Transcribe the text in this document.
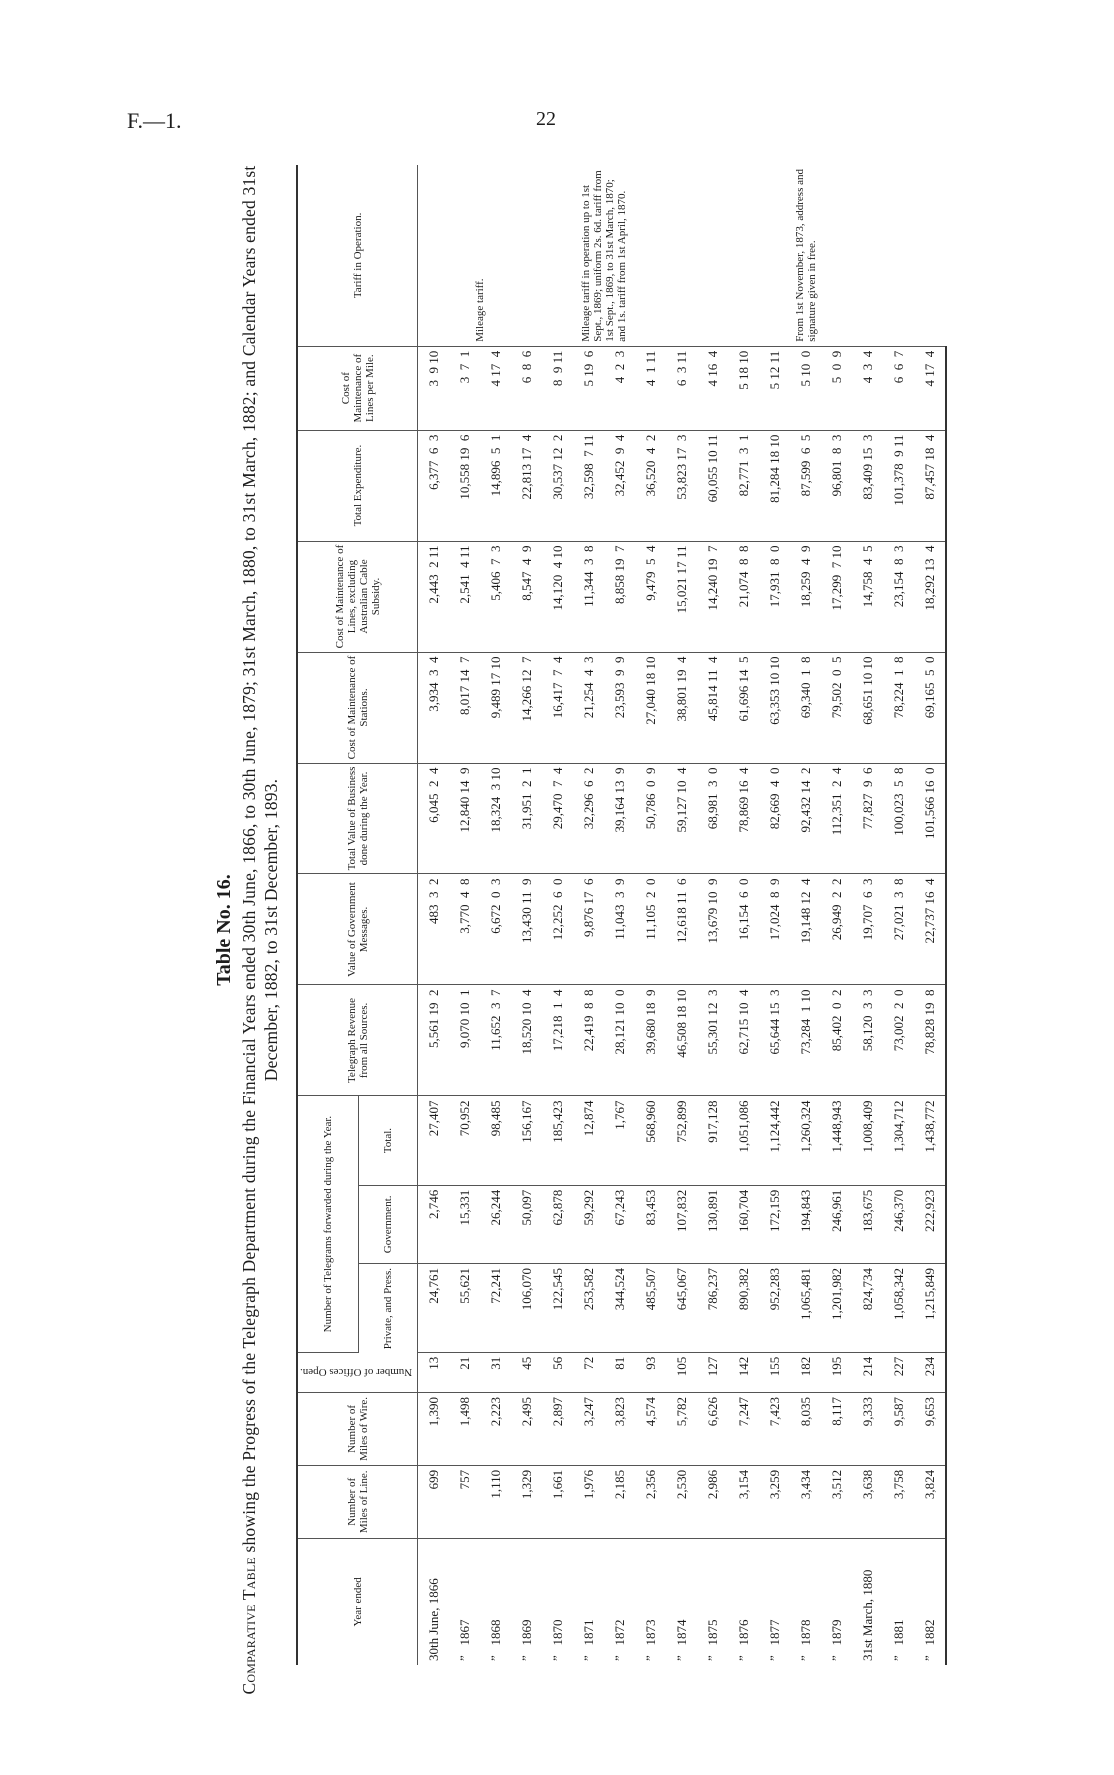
F.—1.	22
Table No. 16.
Comparative Table showing the Progress of the Telegraph Department during the Financial Years ended 30th June, 1866, to 30th June, 1879; 31st March, 1880, to 31st March, 1882; and Calendar Years ended 31st December, 1882, to 31st December, 1893.
Year ended	Number of Miles of Line.	Number of Miles of Wire.	Number of Offices Open.	Number of Telegrams forwarded during the Year.			Telegraph Revenue from all Sources.	Value of Government Messages.	Total Value of Business done during the Year.	Cost of Maintenance of Stations.	Cost of Maintenance of Lines, excluding Australian Cable Subsidy.	Total Expenditure.	Cost of Maintenance of Lines per Mile.	Tariff in Operation.
				Private, and Press.	Government.	Total.								
30th June, 1866	699	1,390	13	24,761	2,746	27,407	5,561 19  2	483  3  2	6,045  2  4	3,934  3  4	2,443  2 11	6,377  6  3	3  9 10	Mileage tariff.
”   1867	757	1,498	21	55,621	15,331	70,952	9,070 10  1	3,770  4  8	12,840 14  9	8,017 14  7	2,541  4 11	10,558 19  6	3  7  1	
”   1868	1,110	2,223	31	72,241	26,244	98,485	11,652  3  7	6,672  0  3	18,324  3 10	9,489 17 10	5,406  7  3	14,896  5  1	4 17  4	
”   1869	1,329	2,495	45	106,070	50,097	156,167	18,520 10  4	13,430 11  9	31,951  2  1	14,266 12  7	8,547  4  9	22,813 17  4	6  8  6	
”   1870	1,661	2,897	56	122,545	62,878	185,423	17,218  1  4	12,252  6  0	29,470  7  4	16,417  7  4	14,120  4 10	30,537 12  2	8  9 11	Mileage tariff in operation up to 1st Sept., 1869; uniform 2s. 6d. tariff from 1st Sept., 1869, to 31st March, 1870; and 1s. tariff from 1st April, 1870.
”   1871	1,976	3,247	72	253,582	59,292	12,874	22,419  8  8	9,876 17  6	32,296  6  2	21,254  4  3	11,344  3  8	32,598  7 11	5 19  6	
”   1872	2,185	3,823	81	344,524	67,243	1,767	28,121 10  0	11,043  3  9	39,164 13  9	23,593  9  9	8,858 19  7	32,452  9  4	4  2  3	
”   1873	2,356	4,574	93	485,507	83,453	568,960	39,680 18  9	11,105  2  0	50,786  0  9	27,040 18 10	9,479  5  4	36,520  4  2	4  1 11	
”   1874	2,530	5,782	105	645,067	107,832	752,899	46,508 18 10	12,618 11  6	59,127 10  4	38,801 19  4	15,021 17 11	53,823 17  3	6  3 11	From 1st November, 1873, address and signature given in free.
”   1875	2,986	6,626	127	786,237	130,891	917,128	55,301 12  3	13,679 10  9	68,981  3  0	45,814 11  4	14,240 19  7	60,055 10 11	4 16  4	
”   1876	3,154	7,247	142	890,382	160,704	1,051,086	62,715 10  4	16,154  6  0	78,869 16  4	61,696 14  5	21,074  8  8	82,771  3  1	5 18 10	
”   1877	3,259	7,423	155	952,283	172,159	1,124,442	65,644 15  3	17,024  8  9	82,669  4  0	63,353 10 10	17,931  8  0	81,284 18 10	5 12 11	
”   1878	3,434	8,035	182	1,065,481	194,843	1,260,324	73,284  1 10	19,148 12  4	92,432 14  2	69,340  1  8	18,259  4  9	87,599  6  5	5 10  0	
”   1879	3,512	8,117	195	1,201,982	246,961	1,448,943	85,402  0  2	26,949  2  2	112,351  2  4	79,502  0  5	17,299  7 10	96,801  8  3	5  0  9	
31st March, 1880	3,638	9,333	214	824,734	183,675	1,008,409	58,120  3  3	19,707  6  3	77,827  9  6	68,651 10 10	14,758  4  5	83,409 15  3	4  3  4	
”   1881	3,758	9,587	227	1,058,342	246,370	1,304,712	73,002  2  0	27,021  3  8	100,023  5  8	78,224  1  8	23,154  8  3	101,378  9 11	6  6  7	
”   1882	3,824	9,653	234	1,215,849	222,923	1,438,772	78,828 19  8	22,737 16  4	101,566 16  0	69,165  5  0	18,292 13  4	87,457 18  4	4 17  4	
